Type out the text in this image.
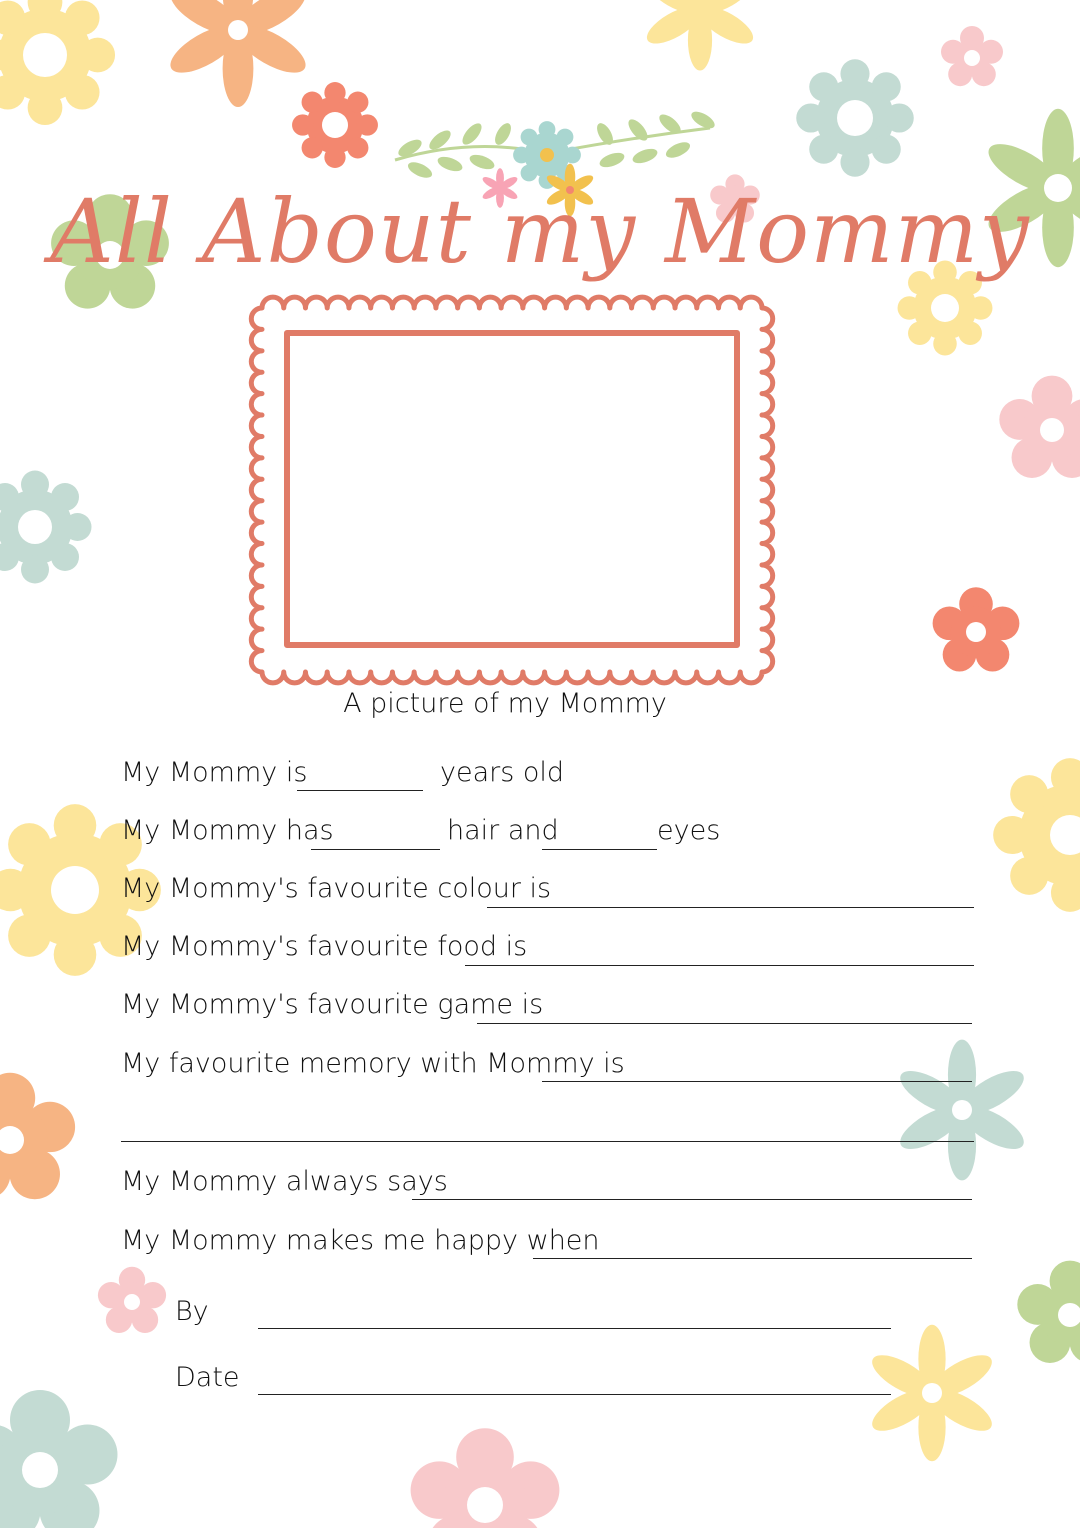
All About my Mommy
A picture of my Mommy
My Mommy is	years old
My Mommy has	hair and	eyes
My Mommy's favourite colour is
My Mommy's favourite food is
My Mommy's favourite game is
My favourite memory with Mommy is
My Mommy always says
My Mommy makes me happy when
By
Date
